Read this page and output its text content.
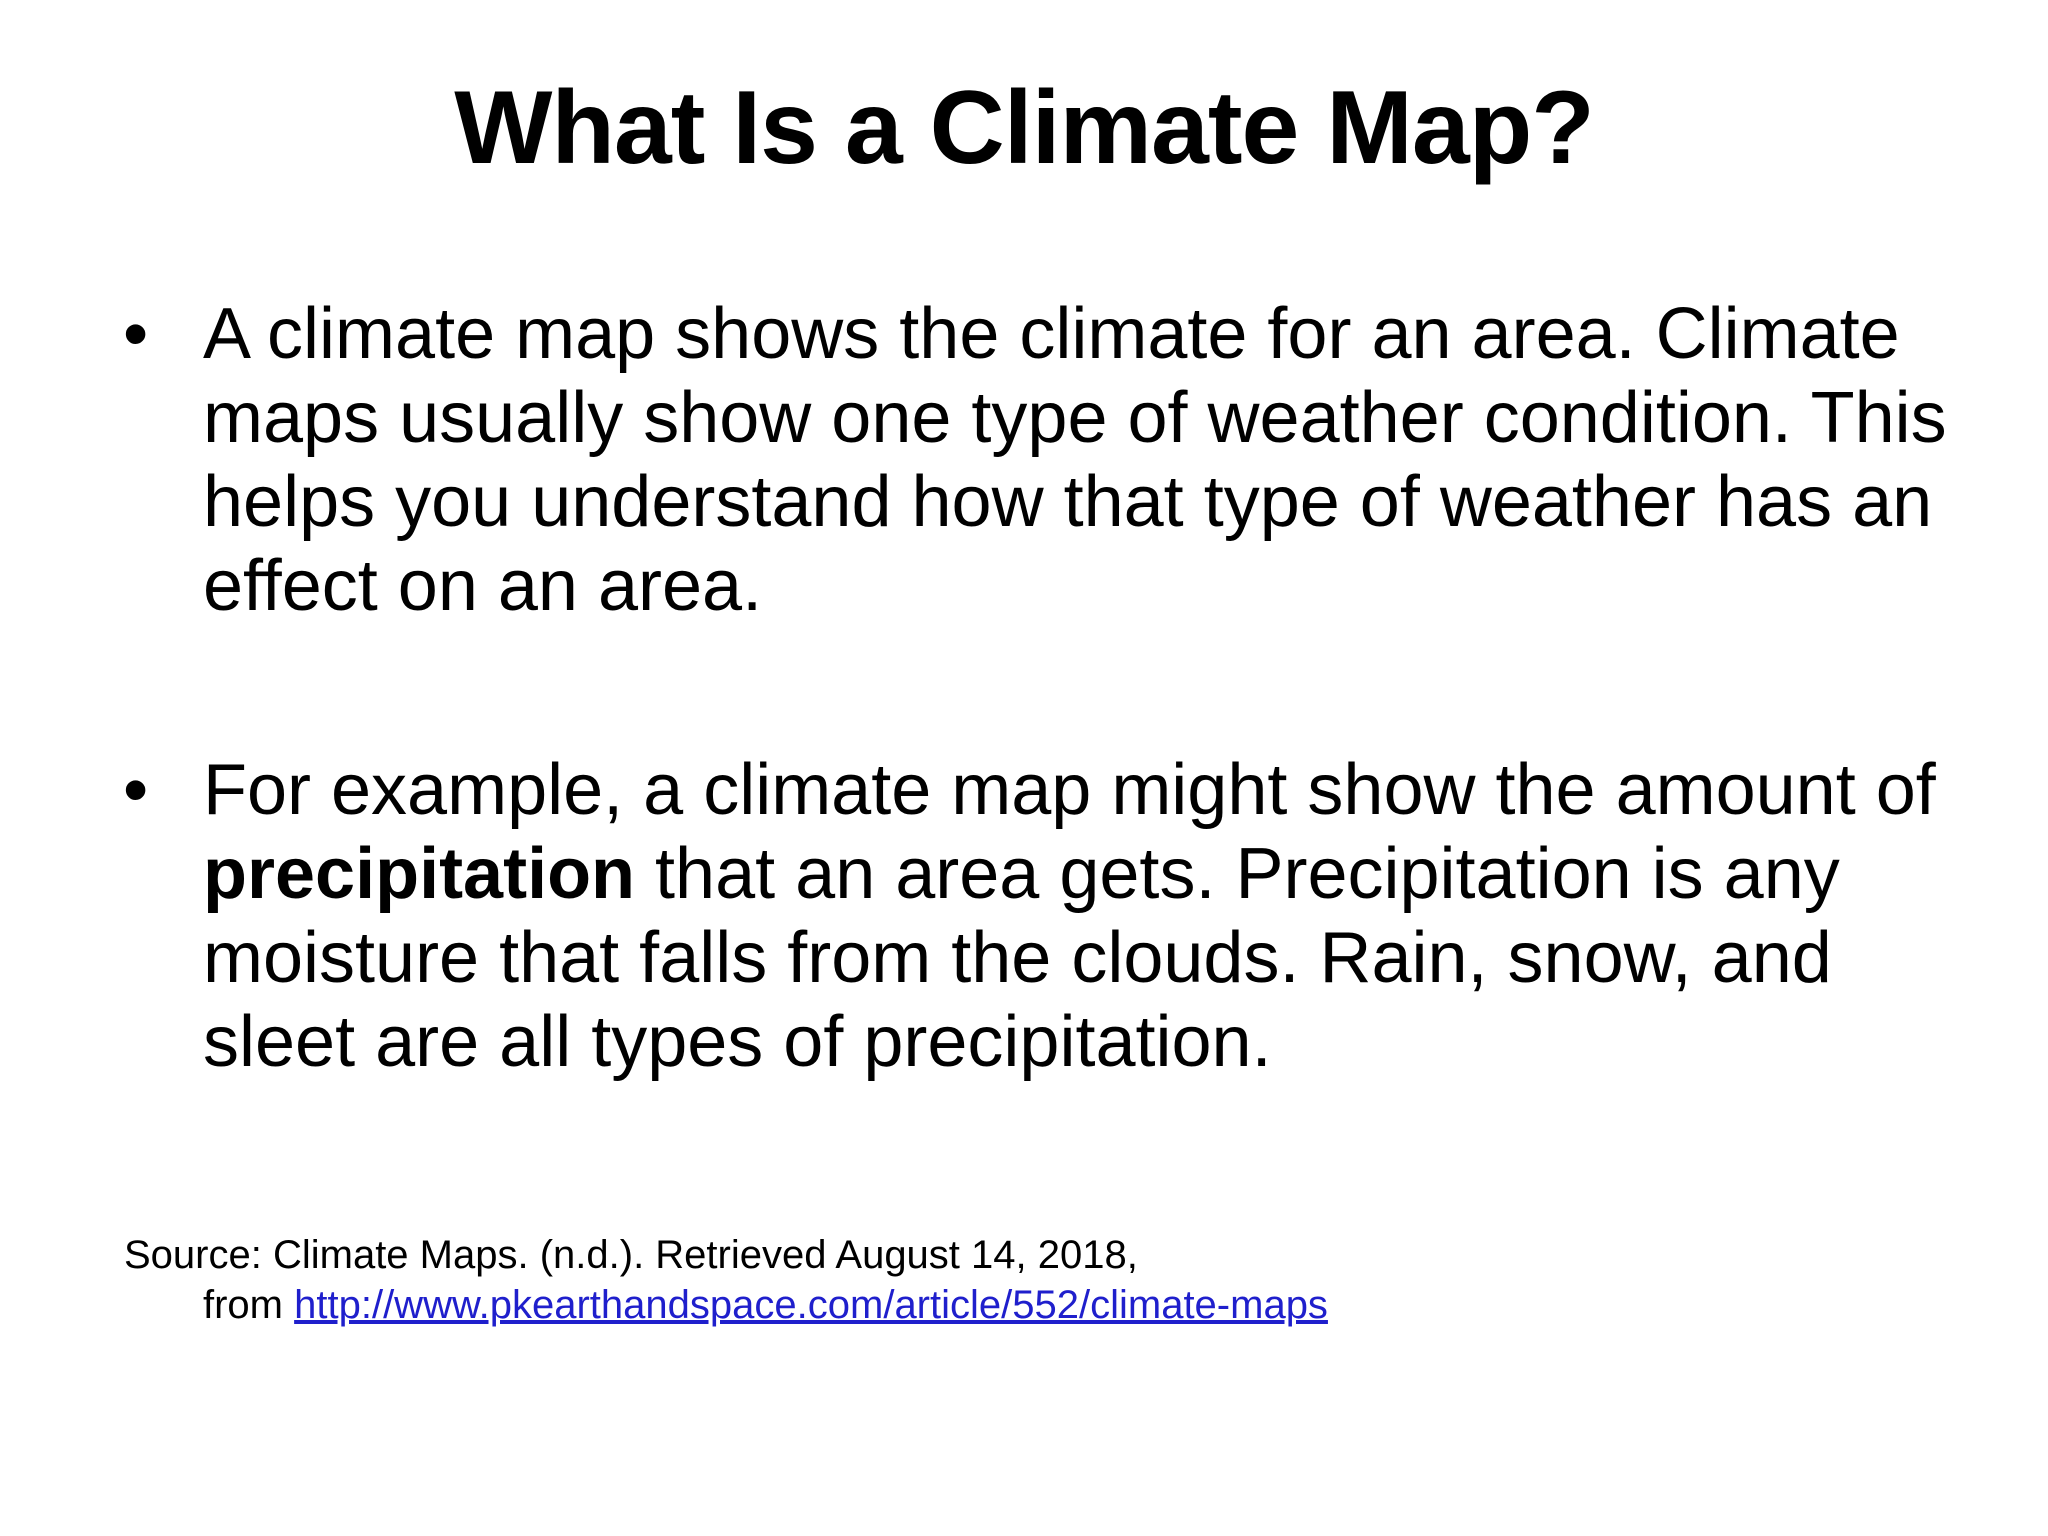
What Is a Climate Map?
• A climate map shows the climate for an area. Climate maps usually show one type of weather condition. This helps you understand how that type of weather has an effect on an area.
• For example, a climate map might show the amount of precipitation that an area gets. Precipitation is any moisture that falls from the clouds. Rain, snow, and sleet are all types of precipitation.
Source: Climate Maps. (n.d.). Retrieved August 14, 2018,
from http://www.pkearthandspace.com/article/552/climate-maps
